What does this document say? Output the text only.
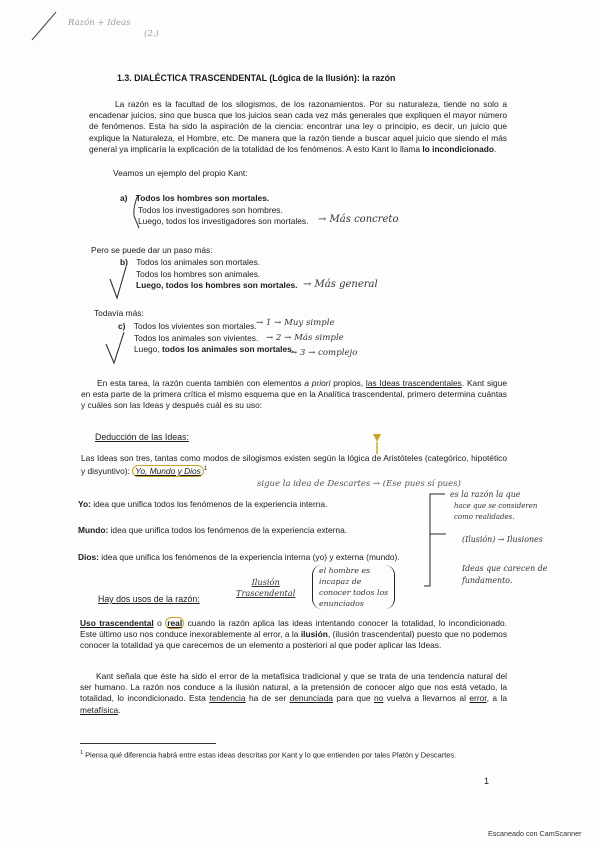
Razón + Ideas
(2.)
1.3. DIALÉCTICA TRASCENDENTAL (Lógica de la Ilusión): la razón

La razón es la facultad de los silogismos, de los razonamientos. Por su naturaleza, tiende no solo a encadenar juicios, sino que busca que los juicios sean cada vez más generales que expliquen el mayor número de fenómenos. Esta ha sido la aspiración de la ciencia: encontrar una ley o principio, es decir, un juicio que explique la Naturaleza, el Hombre, etc. De manera que la razón tiende a buscar aquel juicio que siendo el más general ya implicaría la explicación de la totalidad de los fenómenos. A esto Kant lo llama lo incondicionado.

Veamos un ejemplo del propio Kant:
a) Todos los hombres son mortales.
Todos los investigadores son hombres.
Luego, todos los investigadores son mortales. → Más concreto
Pero se puede dar un paso más:
b) Todos los animales son mortales.
Todos los hombres son animales.
Luego, todos los hombres son mortales. → Más general
Todavía más:
c) Todos los vivientes son mortales.
Todos los animales son vivientes.
Luego, todos los animales son mortales.
→ 1 → Muy simple
→ 2 → Más simple
→ 3 → complejo

En esta tarea, la razón cuenta también con elementos a priori propios, las Ideas trascendentales. Kant sigue en esta parte de la primera crítica el mismo esquema que en la Analítica trascendental, primero determina cuántas y cuáles son las Ideas y después cuál es su uso:

Deducción de las Ideas:

Las Ideas son tres, tantas como modos de silogismos existen según la lógica de Aristóteles (categórico, hipotético y disyuntivo): Yo, Mundo y Dios $^1$

sigue la idea de Descartes → (Ese pues sí pues)
Yo: idea que unifica todos los fenómenos de la experiencia interna.
Mundo: idea que unifica todos los fenómenos de la experiencia externa.
Dios: idea que unifica los fenómenos de la experiencia interna (yo) y externa (mundo).
es la razón la que
hace que se consideren
como realidades.
(Ilusión) → Ilusiones
Ideas que carecen de
fundamento.
Hay dos usos de la razón:
Ilusión
Trascendental
el hombre es
incapaz de
conocer todos los
enunciados

Uso trascendental o real cuando la razón aplica las ideas intentando conocer la totalidad, lo incondicionado. Este último uso nos conduce inexorablemente al error, a la ilusión, (ilusión trascendental) puesto que no podemos conocer la totalidad ya que carecemos de un elemento a posteriori al que poder aplicar las Ideas.

Kant señala que éste ha sido el error de la metafísica tradicional y que se trata de una tendencia natural del ser humano. La razón nos conduce a la ilusión natural, a la pretensión de conocer algo que nos está vetado, la totalidad, lo incondicionado. Esta tendencia ha de ser denunciada para que no vuelva a llevarnos al error, a la metafísica.

$^1$ Piensa qué diferencia habrá entre estas ideas descritas por Kant y lo que entienden por tales Platón y Descartes.
1
Escaneado con CamScanner
